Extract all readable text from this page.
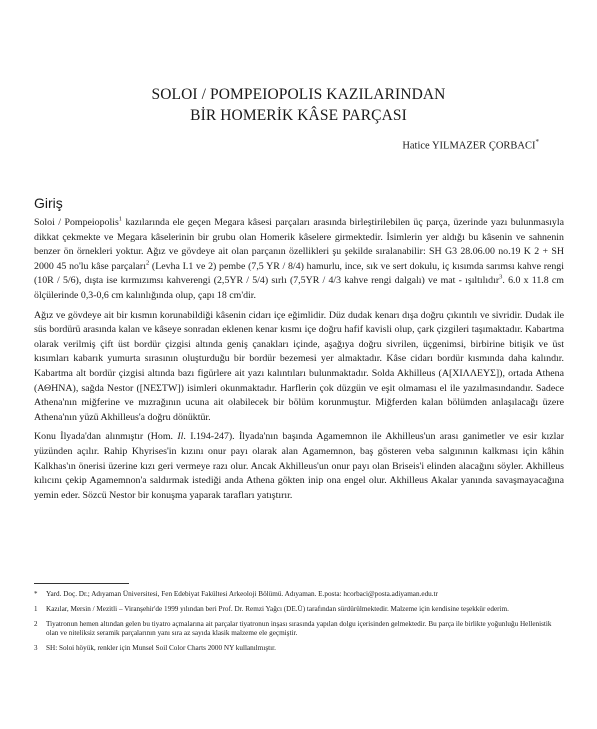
SOLOI / POMPEIOPOLIS KAZILARINDAN
BİR HOMERİK KÂSE PARÇASI
Hatice YILMAZER ÇORBACI*
Giriş

Soloi / Pompeiopolis$^1$ kazılarında ele geçen Megara kâsesi parçaları arasında birleştirilebilen üç parça, üzerinde yazı bulunmasıyla dikkat çekmekte ve Megara kâselerinin bir grubu olan Homerik kâselere girmektedir. İsimlerin yer aldığı bu kâsenin ve sahnenin benzer ön örnekleri yoktur. Ağız ve gövdeye ait olan parçanın özellikleri şu şekilde sıralanabilir: SH G3 28.06.00 no.19 K 2 + SH 2000 45 no'lu kâse parçaları$^2$ (Levha I.1 ve 2) pembe (7,5 YR / 8/4) hamurlu, ince, sık ve sert dokulu, iç kısımda sarımsı kahve rengi (10R / 5/6), dışta ise kırmızımsı kahverengi (2,5YR / 5/4) sırlı (7,5YR / 4/3 kahve rengi dalgalı) ve mat - ışıltılıdır$^3$. 6.0 x 11.8 cm ölçülerinde 0,3-0,6 cm kalınlığında olup, çapı 18 cm'dir.

Ağız ve gövdeye ait bir kısmın korunabildiği kâsenin cidarı içe eğimlidir. Düz dudak kenarı dışa doğru çıkıntılı ve sivridir. Dudak ile süs bordürü arasında kalan ve kâseye sonradan eklenen kenar kısmı içe doğru hafif kavisli olup, çark çizgileri taşımaktadır. Kabartma olarak verilmiş çift üst bordür çizgisi altında geniş çanakları içinde, aşağıya doğru sivrilen, üçgenimsi, birbirine bitişik ve üst kısımları kabarık yumurta sırasının oluşturduğu bir bordür bezemesi yer almaktadır. Kâse cidarı bordür kısmında daha kalındır. Kabartma alt bordür çizgisi altında bazı figürlere ait yazı kalıntıları bulunmaktadır. Solda Akhilleus (Α[ΧΙΛΛΕΥΣ]), ortada Athena (ΑΘΗΝΑ), sağda Nestor ([ΝΕΣΤW]) isimleri okunmaktadır. Harflerin çok düzgün ve eşit olmaması el ile yazılmasındandır. Sadece Athena'nın miğferine ve mızrağının ucuna ait olabilecek bir bölüm korunmuştur. Miğferden kalan bölümden anlaşılacağı üzere Athena'nın yüzü Akhilleus'a doğru dönüktür.

Konu İlyada'dan alınmıştır (Hom. Il. I.194-247). İlyada'nın başında Agamemnon ile Akhilleus'un arası ganimetler ve esir kızlar yüzünden açılır. Rahip Khyrises'in kızını onur payı olarak alan Agamemnon, baş gösteren veba salgınının kalkması için kâhin Kalkhas'ın önerisi üzerine kızı geri vermeye razı olur. Ancak Akhilleus'un onur payı olan Briseis'i elinden alacağını söyler. Akhilleus kılıcını çekip Agamemnon'a saldırmak istediği anda Athena gökten inip ona engel olur. Akhilleus Akalar yanında savaşmayacağına yemin eder. Sözcü Nestor bir konuşma yaparak tarafları yatıştırır.

*	Yard. Doç. Dr.; Adıyaman Üniversitesi, Fen Edebiyat Fakültesi Arkeoloji Bölümü. Adıyaman. E.posta: hcorbaci@posta.adiyaman.edu.tr
1	Kazılar, Mersin / Mezitli – Viranşehir'de 1999 yılından beri Prof. Dr. Remzi Yağcı (DE.Ü) tarafından sürdürülmektedir. Malzeme için kendisine teşekkür ederim.
2	Tiyatronun hemen altından gelen bu tiyatro açmalarına ait parçalar tiyatronun inşası sırasında yapılan dolgu içerisinden gelmektedir. Bu parça ile birlikte yoğunluğu Hellenistik olan ve niteliksiz seramik parçalarının yanı sıra az sayıda klasik malzeme ele geçmiştir.
3	SH: Soloi höyük, renkler için Munsel Soil Color Charts 2000 NY kullanılmıştır.
